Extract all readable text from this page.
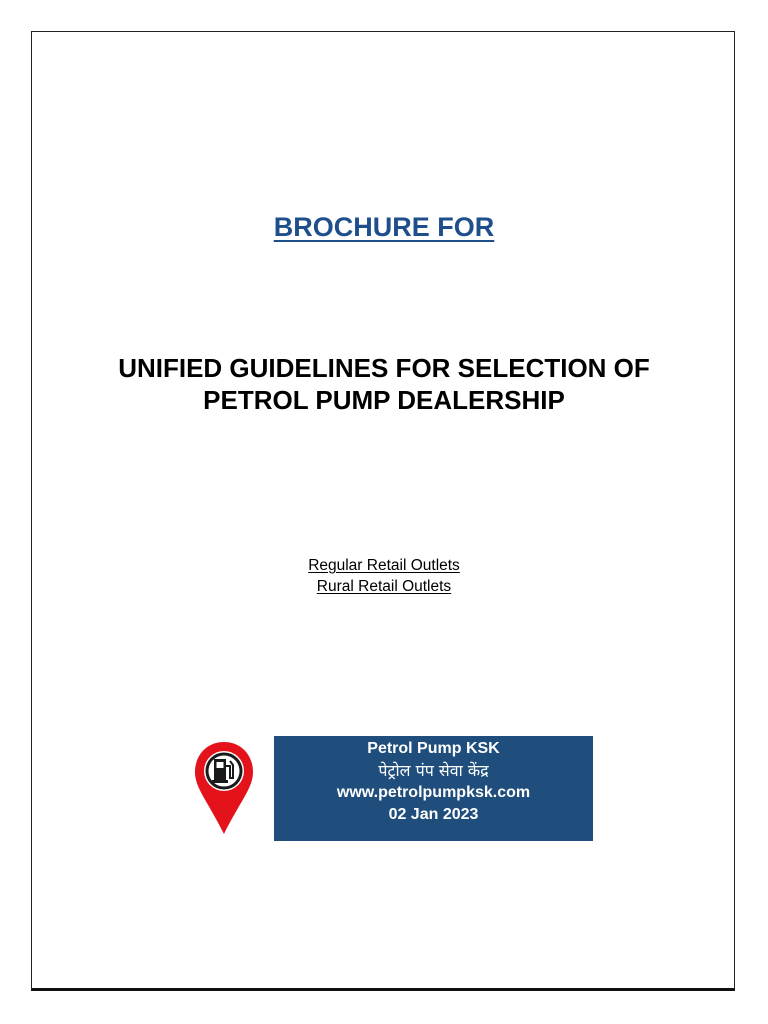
BROCHURE FOR
UNIFIED GUIDELINES FOR SELECTION OF
PETROL PUMP DEALERSHIP
Regular Retail Outlets
Rural Retail Outlets
Petrol Pump KSK
पेट्रोल पंप सेवा केंद्र
www.petrolpumpksk.com
02 Jan 2023
